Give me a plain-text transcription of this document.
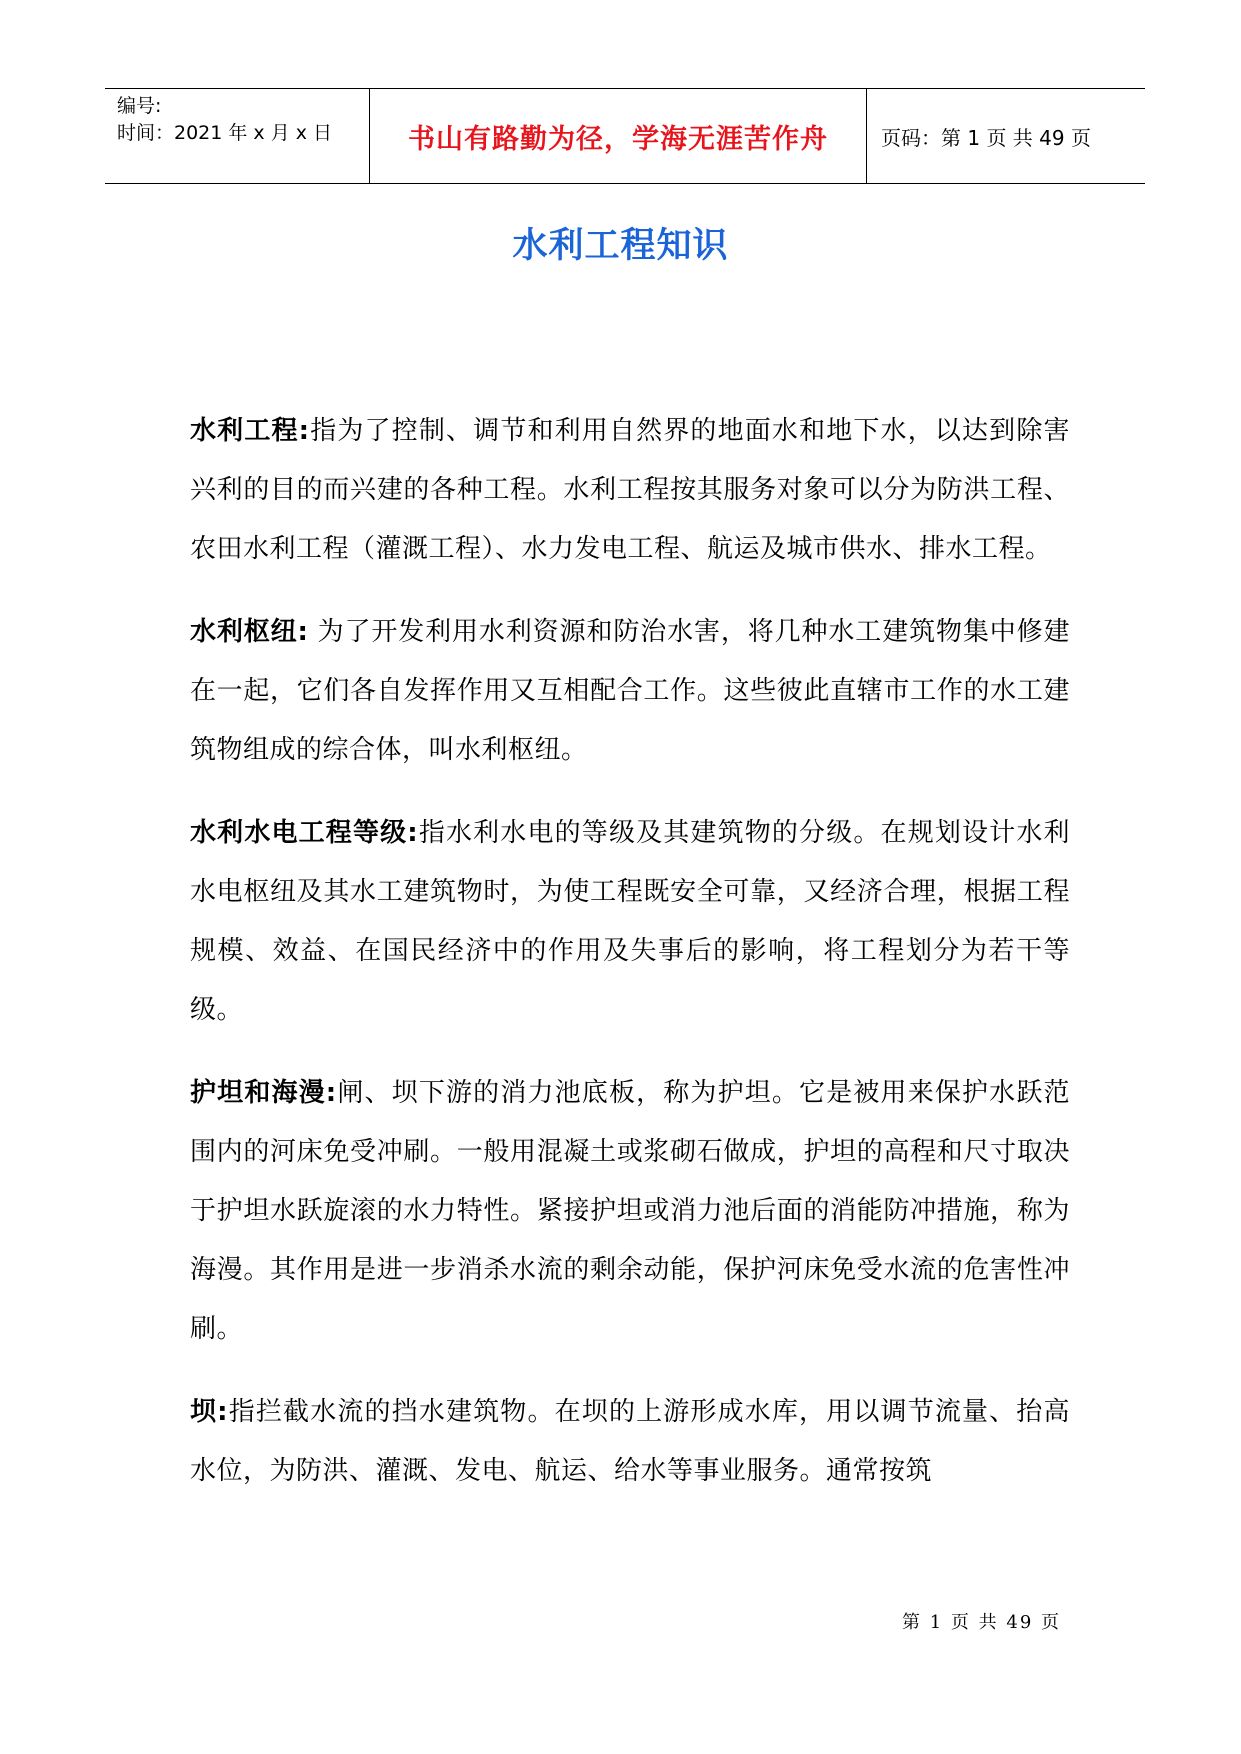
编号:
时间：2021 年 x 月 x 日	书山有路勤为径，学海无涯苦作舟	页码：第 1 页 共 49 页
水利工程知识

水利工程:指为了控制、调节和利用自然界的地面水和地下水，以达到除害兴利的目的而兴建的各种工程。水利工程按其服务对象可以分为防洪工程、农田水利工程（灌溉工程）、水力发电工程、航运及城市供水、排水工程。

水利枢纽: 为了开发利用水利资源和防治水害，将几种水工建筑物集中修建在一起，它们各自发挥作用又互相配合工作。这些彼此直辖市工作的水工建筑物组成的综合体，叫水利枢纽。

水利水电工程等级:指水利水电的等级及其建筑物的分级。在规划设计水利水电枢纽及其水工建筑物时，为使工程既安全可靠，又经济合理，根据工程规模、效益、在国民经济中的作用及失事后的影响，将工程划分为若干等级。

护坦和海漫:闸、坝下游的消力池底板，称为护坦。它是被用来保护水跃范围内的河床免受冲刷。一般用混凝土或浆砌石做成，护坦的高程和尺寸取决于护坦水跃旋滚的水力特性。紧接护坦或消力池后面的消能防冲措施，称为海漫。其作用是进一步消杀水流的剩余动能，保护河床免受水流的危害性冲刷。

坝:指拦截水流的挡水建筑物。在坝的上游形成水库，用以调节流量、抬高水位，为防洪、灌溉、发电、航运、给水等事业服务。通常按筑

第 1 页 共 49 页
